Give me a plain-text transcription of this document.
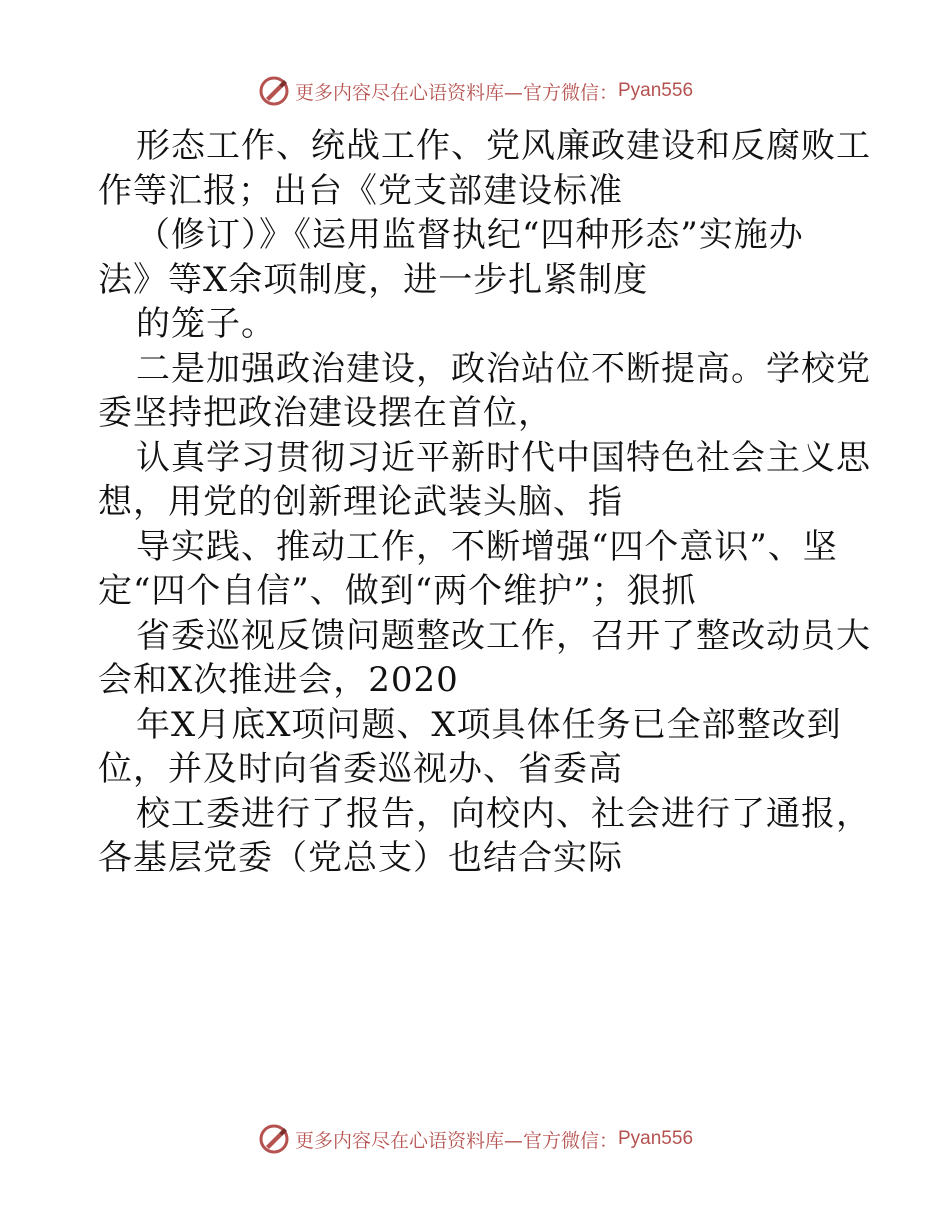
更多内容尽在心语资料库—官方微信： Pyan556
形态工作、统战工作、党风廉政建设和反腐败工
作等汇报；出台《党支部建设标准
（修订）》《运用监督执纪“四种形态”实施办
法》等X余项制度，进一步扎紧制度
的笼子。
二是加强政治建设，政治站位不断提高。学校党
委坚持把政治建设摆在首位，
认真学习贯彻习近平新时代中国特色社会主义思
想，用党的创新理论武装头脑、指
导实践、推动工作，不断增强“四个意识”、坚
定“四个自信”、做到“两个维护”；狠抓
省委巡视反馈问题整改工作，召开了整改动员大
会和X次推进会，2020
年X月底X项问题、X项具体任务已全部整改到
位，并及时向省委巡视办、省委高
校工委进行了报告，向校内、社会进行了通报，
各基层党委（党总支）也结合实际
更多内容尽在心语资料库—官方微信： Pyan556
